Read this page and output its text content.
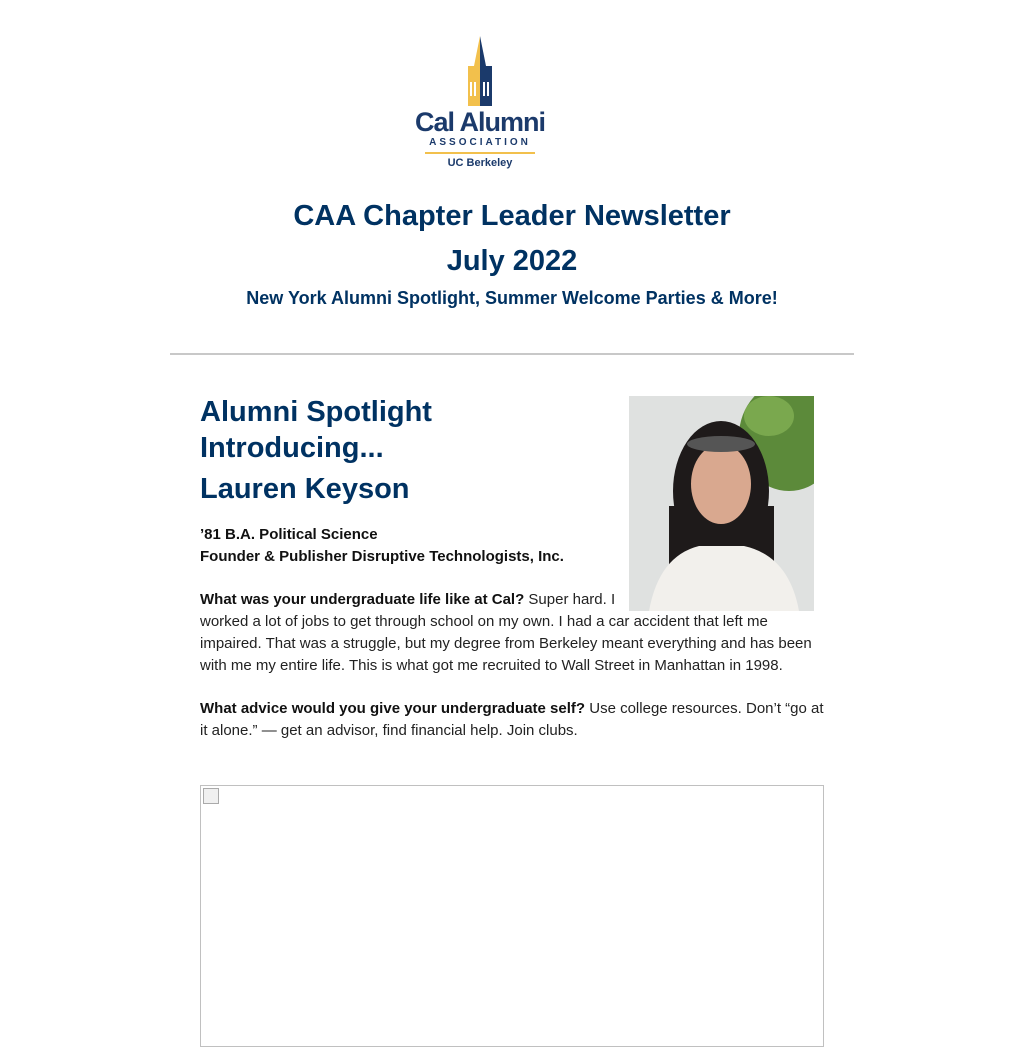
Cal Alumni
ASSOCIATION
UC Berkeley
CAA Chapter Leader Newsletter
July 2022
New York Alumni Spotlight, Summer Welcome Parties & More!
Alumni Spotlight
Introducing...
Lauren Keyson

’81 B.A. Political Science
Founder & Publisher Disruptive Technologists, Inc.

What was your undergraduate life like at Cal? Super hard. I worked a lot of jobs to get through school on my own. I had a car accident that left me impaired. That was a struggle, but my degree from Berkeley meant everything and has been with me my entire life. This is what got me recruited to Wall Street in Manhattan in 1998.

What advice would you give your undergraduate self? Use college resources. Don’t “go at it alone.” — get an advisor, find financial help. Join clubs.
